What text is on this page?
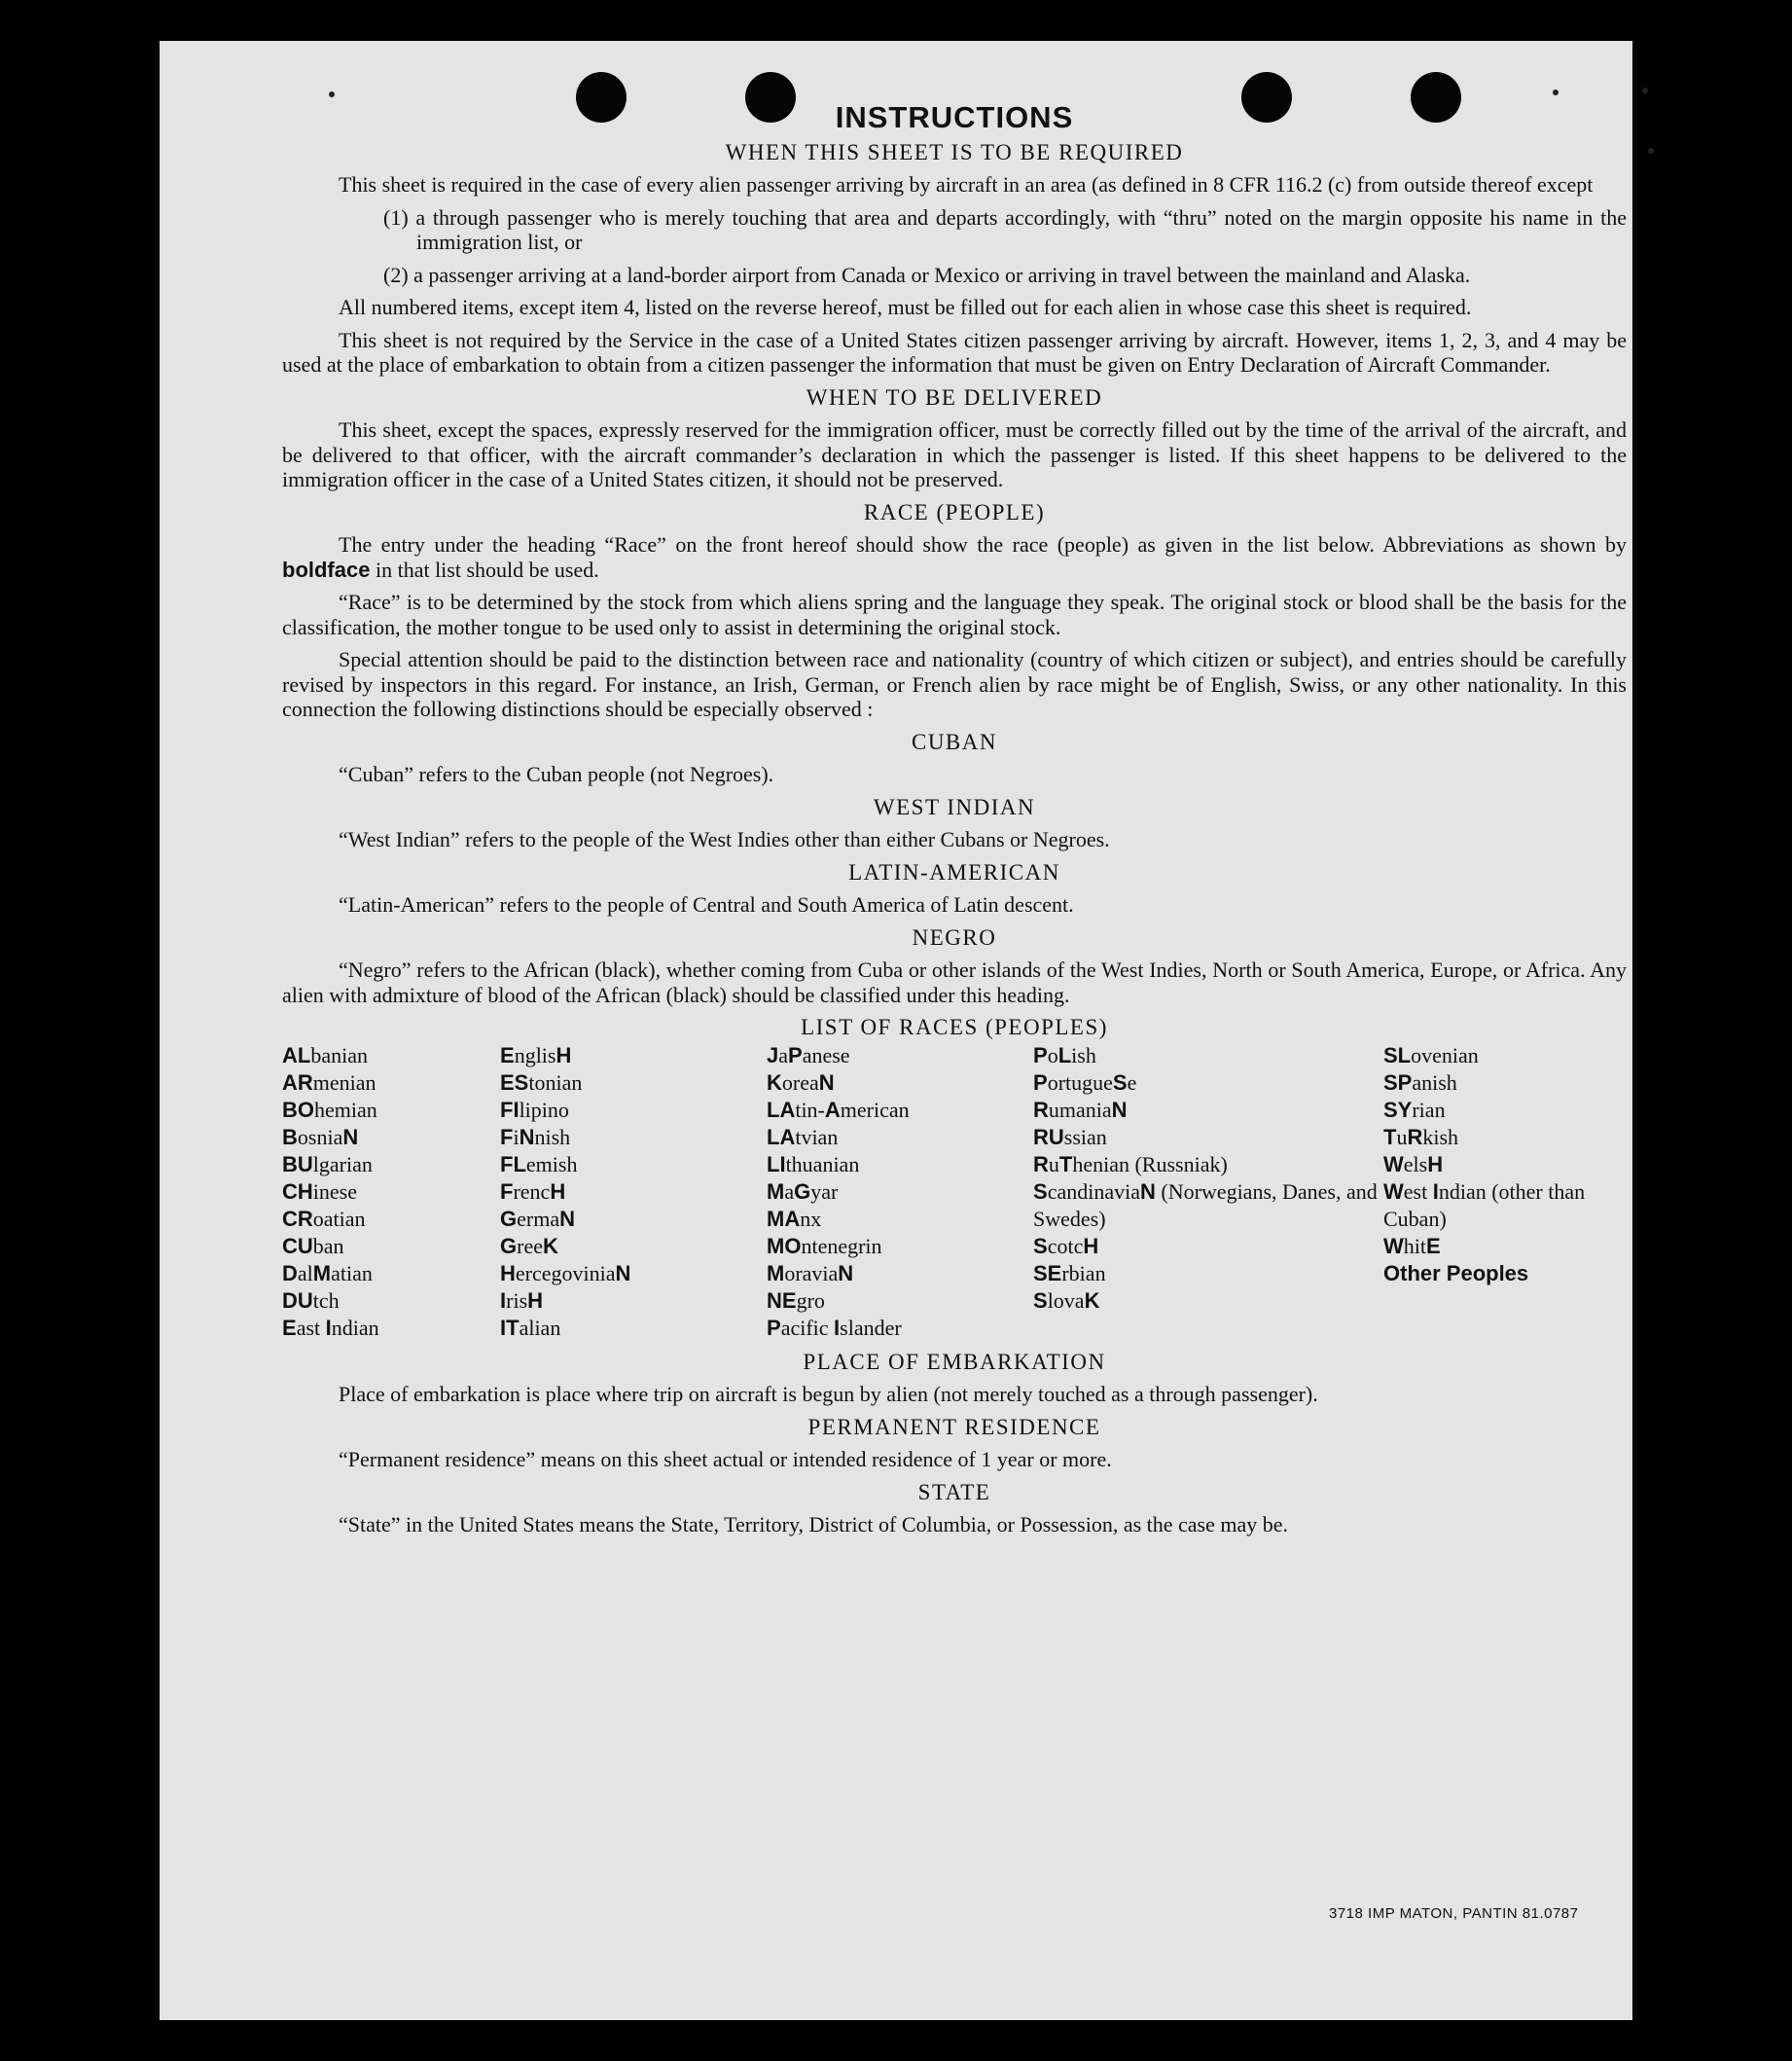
INSTRUCTIONS
WHEN THIS SHEET IS TO BE REQUIRED

This sheet is required in the case of every alien passenger arriving by aircraft in an area (as defined in 8 CFR 116.2 (c) from outside thereof except

(1) a through passenger who is merely touching that area and departs accordingly, with “thru” noted on the margin opposite his name in the immigration list, or

(2) a passenger arriving at a land-border airport from Canada or Mexico or arriving in travel between the mainland and Alaska.

All numbered items, except item 4, listed on the reverse hereof, must be filled out for each alien in whose case this sheet is required.

This sheet is not required by the Service in the case of a United States citizen passenger arriving by aircraft. However, items 1, 2, 3, and 4 may be used at the place of embarkation to obtain from a citizen passenger the information that must be given on Entry Declaration of Aircraft Commander.

WHEN TO BE DELIVERED

This sheet, except the spaces, expressly reserved for the immigration officer, must be correctly filled out by the time of the arrival of the aircraft, and be delivered to that officer, with the aircraft commander’s declaration in which the passenger is listed. If this sheet happens to be delivered to the immigration officer in the case of a United States citizen, it should not be preserved.

RACE (PEOPLE)

The entry under the heading “Race” on the front hereof should show the race (people) as given in the list below. Abbreviations as shown by boldface in that list should be used.

“Race” is to be determined by the stock from which aliens spring and the language they speak. The original stock or blood shall be the basis for the classification, the mother tongue to be used only to assist in determining the original stock.

Special attention should be paid to the distinction between race and nationality (country of which citizen or subject), and entries should be carefully revised by inspectors in this regard. For instance, an Irish, German, or French alien by race might be of English, Swiss, or any other nationality. In this connection the following distinctions should be especially observed :

CUBAN

“Cuban” refers to the Cuban people (not Negroes).

WEST INDIAN

“West Indian” refers to the people of the West Indies other than either Cubans or Negroes.

LATIN-AMERICAN

“Latin-American” refers to the people of Central and South America of Latin descent.

NEGRO

“Negro” refers to the African (black), whether coming from Cuba or other islands of the West Indies, North or South America, Europe, or Africa. Any alien with admixture of blood of the African (black) should be classified under this heading.

LIST OF RACES (PEOPLES)
ALbanian
ARmenian
BOhemian
BosniaN
BUlgarian
CHinese
CRoatian
CUban
DalMatian
DUtch
East Indian
EnglisH
EStonian
FIlipino
FiNnish
FLemish
FrencH
GermaN
GreeK
HercegoviniaN
IrisH
ITalian
JaPanese
KoreaN
LAtin-American
LAtvian
LIthuanian
MaGyar
MAnx
MOntenegrin
MoraviaN
NEgro
Pacific Islander
PoLish
PortugueSe
RumaniaN
RUssian
RuThenian (Russniak)
ScandinaviaN (Norwegians, Danes, and Swedes)
ScotcH
SErbian
SlovaK
SLovenian
SPanish
SYrian
TuRkish
WelsH
West Indian (other than Cuban)
WhitE
Other Peoples
PLACE OF EMBARKATION

Place of embarkation is place where trip on aircraft is begun by alien (not merely touched as a through passenger).

PERMANENT RESIDENCE

“Permanent residence” means on this sheet actual or intended residence of 1 year or more.

STATE

“State” in the United States means the State, Territory, District of Columbia, or Possession, as the case may be.

3718 IMP MATON, PANTIN 81.0787
